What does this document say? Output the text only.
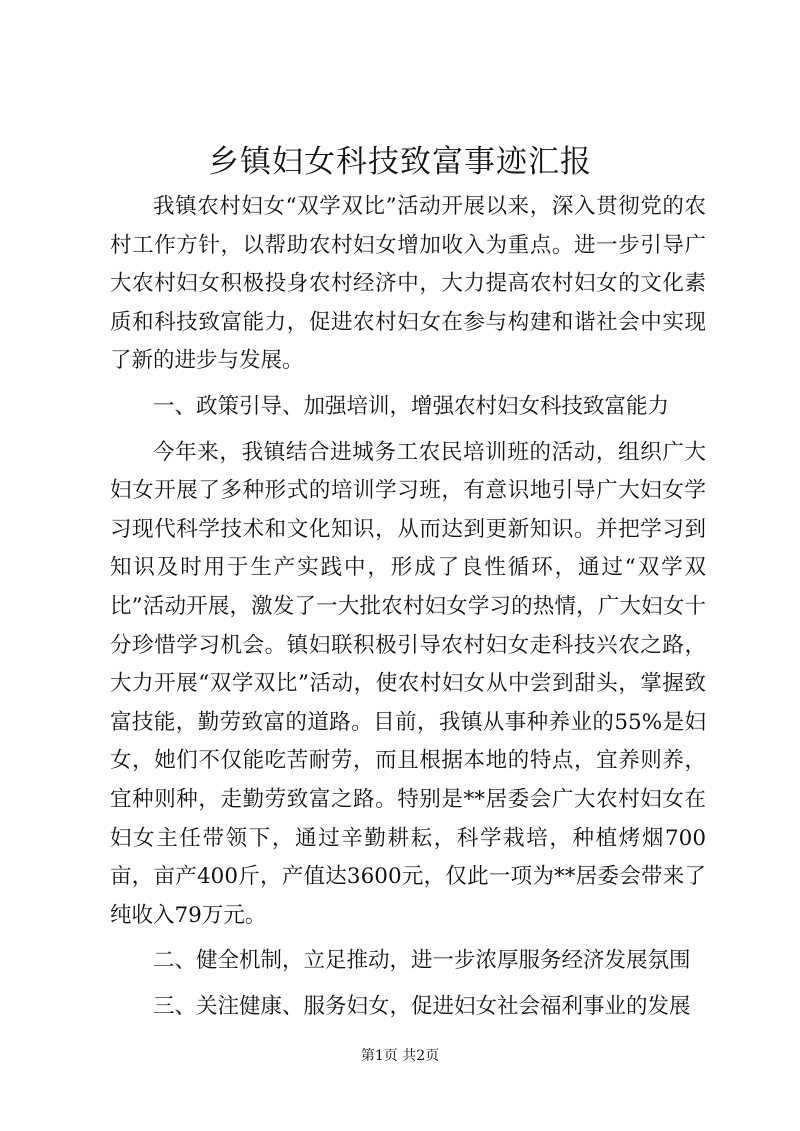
乡镇妇女科技致富事迹汇报

我镇农村妇女“双学双比”活动开展以来，深入贯彻党的农村工作方针，以帮助农村妇女增加收入为重点。进一步引导广大农村妇女积极投身农村经济中，大力提高农村妇女的文化素质和科技致富能力，促进农村妇女在参与构建和谐社会中实现了新的进步与发展。

一、政策引导、加强培训，增强农村妇女科技致富能力

今年来，我镇结合进城务工农民培训班的活动，组织广大妇女开展了多种形式的培训学习班，有意识地引导广大妇女学习现代科学技术和文化知识，从而达到更新知识。并把学习到知识及时用于生产实践中，形成了良性循环，通过“双学双比”活动开展，激发了一大批农村妇女学习的热情，广大妇女十分珍惜学习机会。镇妇联积极引导农村妇女走科技兴农之路，大力开展“双学双比”活动，使农村妇女从中尝到甜头，掌握致富技能，勤劳致富的道路。目前，我镇从事种养业的55%是妇女，她们不仅能吃苦耐劳，而且根据本地的特点，宜养则养，宜种则种，走勤劳致富之路。特别是**居委会广大农村妇女在妇女主任带领下，通过辛勤耕耘，科学栽培，种植烤烟700亩，亩产400斤，产值达3600元，仅此一项为**居委会带来了纯收入79万元。

二、健全机制，立足推动，进一步浓厚服务经济发展氛围

三、关注健康、服务妇女，促进妇女社会福利事业的发展

第1页 共2页
